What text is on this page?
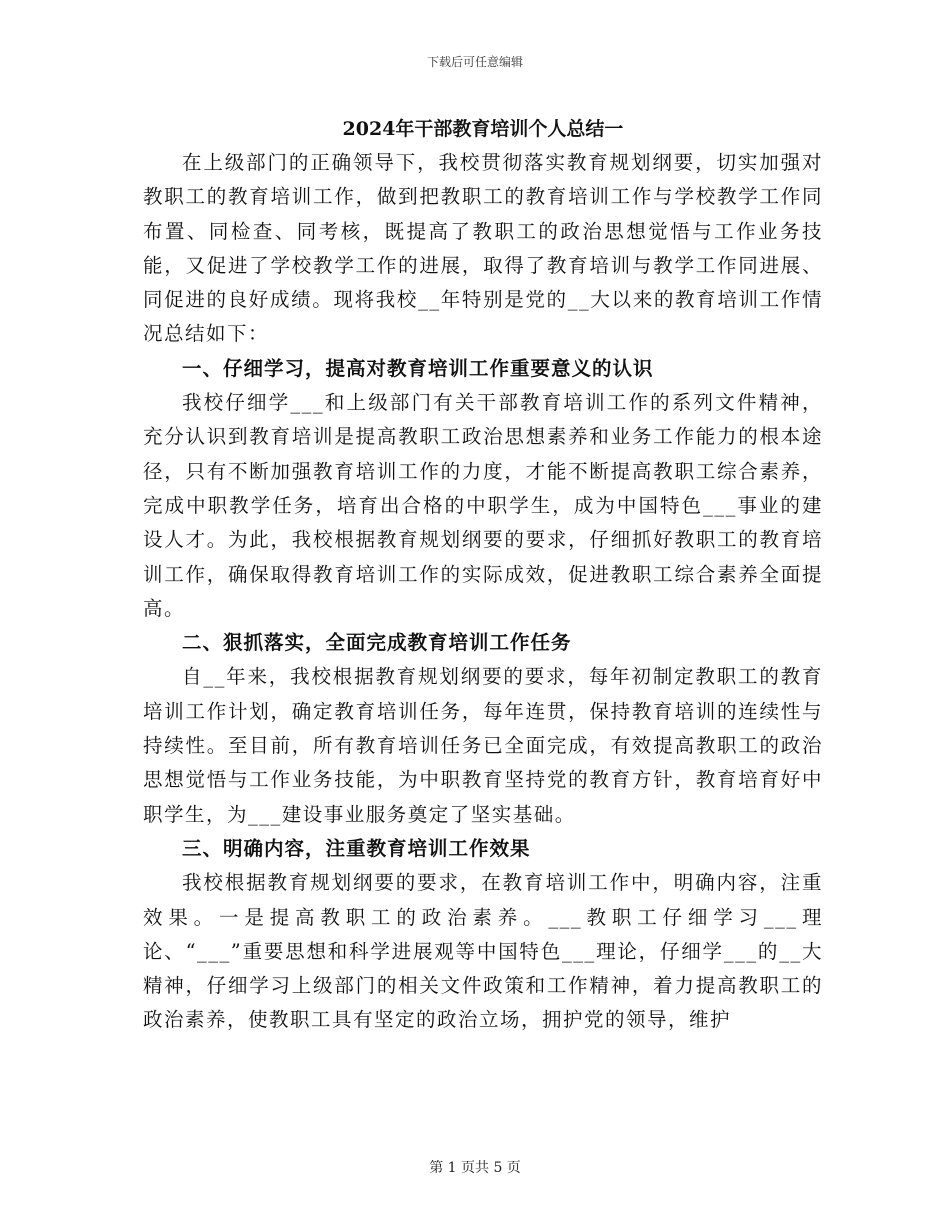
下载后可任意编辑
2024年干部教育培训个人总结一

在上级部门的正确领导下，我校贯彻落实教育规划纲要，切实加强对教职工的教育培训工作，做到把教职工的教育培训工作与学校教学工作同布置、同检查、同考核，既提高了教职工的政治思想觉悟与工作业务技能，又促进了学校教学工作的进展，取得了教育培训与教学工作同进展、同促进的良好成绩。现将我校__年特别是党的__大以来的教育培训工作情况总结如下：

一、仔细学习，提高对教育培训工作重要意义的认识

我校仔细学___和上级部门有关干部教育培训工作的系列文件精神，充分认识到教育培训是提高教职工政治思想素养和业务工作能力的根本途径，只有不断加强教育培训工作的力度，才能不断提高教职工综合素养，完成中职教学任务，培育出合格的中职学生，成为中国特色___事业的建设人才。为此，我校根据教育规划纲要的要求，仔细抓好教职工的教育培训工作，确保取得教育培训工作的实际成效，促进教职工综合素养全面提高。

二、狠抓落实，全面完成教育培训工作任务

自__年来，我校根据教育规划纲要的要求，每年初制定教职工的教育培训工作计划，确定教育培训任务，每年连贯，保持教育培训的连续性与持续性。至目前，所有教育培训任务已全面完成，有效提高教职工的政治思想觉悟与工作业务技能，为中职教育坚持党的教育方针，教育培育好中职学生，为___建设事业服务奠定了坚实基础。

三、明确内容，注重教育培训工作效果

我校根据教育规划纲要的要求，在教育培训工作中，明确内容，注重效果。一是提高教职工的政治素养。___教职工仔细学习___理论、“___”重要思想和科学进展观等中国特色___理论，仔细学___的__大精神，仔细学习上级部门的相关文件政策和工作精神，着力提高教职工的政治素养，使教职工具有坚定的政治立场，拥护党的领导，维护

第 1 页共 5 页
